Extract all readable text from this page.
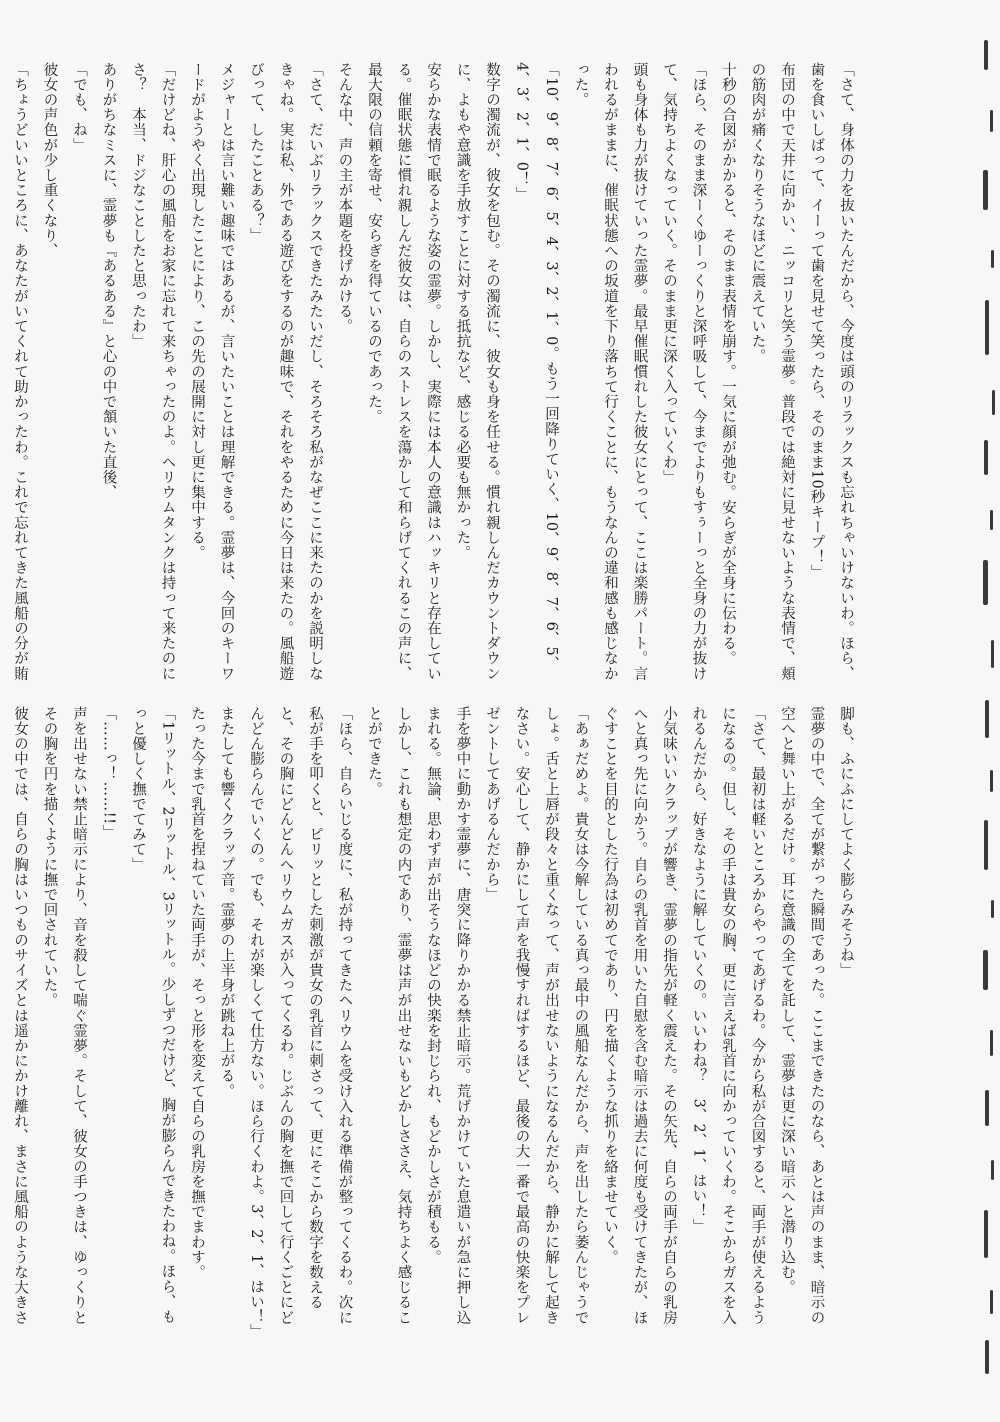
「さて、身体の力を抜いたんだから、今度は頭のリラックスも忘れちゃいけないわ。ほら、歯を食いしばって、イーって歯を見せて笑ったら、そのまま10秒キープ！」

布団の中で天井に向かい、ニッコリと笑う霊夢。普段では絶対に見せないような表情で、頬の筋肉が痛くなりそうなほどに震えていた。

十秒の合図がかかると、そのまま表情を崩す。一気に顔が弛む。安らぎが全身に伝わる。

「ほら、そのまま深ーくゆーっくりと深呼吸して、今までよりもすぅーっと全身の力が抜けて、気持ちよくなっていく。そのまま更に深く入っていくわ」

頭も身体も力が抜けていった霊夢。最早催眠慣れした彼女にとって、ここは楽勝パート。言われるがままに、催眠状態への坂道を下り落ちて行くことに、もうなんの違和感も感じなかった。

「10、9、8、7、6、5、4、3、2、1、0。もう一回降りていく、10、9、8、7、6、5、4、3、2、1、0！」

数字の濁流が、彼女を包む。その濁流に、彼女も身を任せる。慣れ親しんだカウントダウンに、よもや意識を手放すことに対する抵抗など、感じる必要も無かった。

安らかな表情で眠るような姿の霊夢。しかし、実際には本人の意識はハッキリと存在している。催眠状態に慣れ親しんだ彼女は、自らのストレスを蕩かして和らげてくれるこの声に、最大限の信頼を寄せ、安らぎを得ているのであった。

そんな中、声の主が本題を投げかける。

「さて、だいぶリラックスできたみたいだし、そろそろ私がなぜここに来たのかを説明しなきゃね。実は私、外である遊びをするのが趣味で、それをやるために今日は来たの。風船遊びって、したことある？」

メジャーとは言い難い趣味ではあるが、言いたいことは理解できる。霊夢は、今回のキーワードがようやく出現したことにより、この先の展開に対し更に集中する。

「だけどね、肝心の風船をお家に忘れて来ちゃったのよ。ヘリウムタンクは持って来たのにさ？　本当、ドジなことしたと思ったわ」

ありがちなミスに、霊夢も『あるある』と心の中で頷いた直後、

「でも、ね」

彼女の声色が少し重くなり、

「ちょうどいいところに、あなたがいてくれて助かったわ。これで忘れてきた風船の分が賄

脚も、ふにふにしてよく膨らみそうね」

霊夢の中で、全てが繋がった瞬間であった。ここまできたのなら、あとは声のまま、暗示の空へと舞い上がるだけ。耳に意識の全てを託して、霊夢は更に深い暗示へと潜り込む。

「さて、最初は軽いところからやってあげるわ。今から私が合図すると、両手が使えるようになるの。但し、その手は貴女の胸、更に言えば乳首に向かっていくわ。そこからガスを入れるんだから、好きなように解していくの。いいわね？　3、2、1、はい！」

小気味いいクラップが響き、霊夢の指先が軽く震えた。その矢先、自らの両手が自らの乳房へと真っ先に向かう。自らの乳首を用いた自慰を含む暗示は過去に何度も受けてきたが、ほぐすことを目的とした行為は初めてであり、円を描くような抓りを絡ませていく。

「あぁだめよ。貴女は今解している真っ最中の風船なんだから、声を出したら萎んじゃうでしょ。舌と上唇が段々と重くなって、声が出せないようになるんだから、静かに解して起きなさい。安心して、静かにして声を我慢すればするほど、最後の大一番で最高の快楽をプレゼントしてあげるんだから」

手を夢中に動かす霊夢に、唐突に降りかかる禁止暗示。荒げかけていた息遣いが急に押し込まれる。無論、思わず声が出そうなほどの快楽を封じられ、もどかしさが積もる。

しかし、これも想定の内であり、霊夢は声が出せないもどかしささえ、気持ちよく感じることができた。

「ほら、自らいじる度に、私が持ってきたヘリウムを受け入れる準備が整ってくるわ。次に私が手を叩くと、ピリッとした刺激が貴女の乳首に刺さって、更にそこから数字を数えると、その胸にどんどんヘリウムガスが入ってくるわ。じぶんの胸を撫で回して行くごとにどんどん膨らんでいくの。でも、それが楽しくて仕方ない。ほら行くわよ。3、2、1、はい！」

またしても響くクラップ音。霊夢の上半身が跳ね上がる。

たった今まで乳首を捏ねていた両手が、そっと形を変えて自らの乳房を撫でまわす。

「1リットル、2リットル、3リットル。少しずつだけど、胸が膨らんできたわね。ほら、もっと優しく撫でてみて」

「……っ！……!!」

声を出せない禁止暗示により、音を殺して喘ぐ霊夢。そして、彼女の手つきは、ゆっくりとその胸を円を描くように撫で回されていた。

彼女の中では、自らの胸はいつものサイズとは遥かにかけ離れ、まさに風船のような大きさ
